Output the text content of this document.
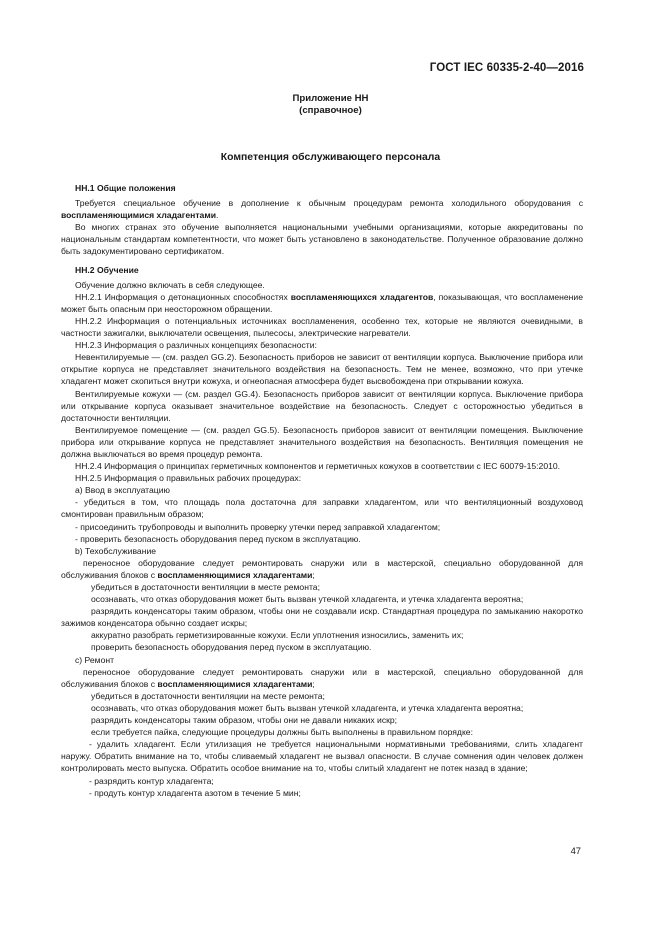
ГОСТ IEC 60335-2-40—2016
Приложение НН
(справочное)
Компетенция обслуживающего персонала

НН.1 Общие положения

Требуется специальное обучение в дополнение к обычным процедурам ремонта холодильного оборудования с воспламеняющимися хладагентами.

Во многих странах это обучение выполняется национальными учебными организациями, которые аккредитованы по национальным стандартам компетентности, что может быть установлено в законодательстве. Полученное образование должно быть задокументировано сертификатом.

НН.2 Обучение

Обучение должно включать в себя следующее.

НН.2.1 Информация о детонационных способностях воспламеняющихся хладагентов, показывающая, что воспламенение может быть опасным при неосторожном обращении.

НН.2.2 Информация о потенциальных источниках воспламенения, особенно тех, которые не являются очевидными, в частности зажигалки, выключатели освещения, пылесосы, электрические нагреватели.

НН.2.3 Информация о различных концепциях безопасности:

Невентилируемые — (см. раздел GG.2). Безопасность приборов не зависит от вентиляции корпуса. Выключение прибора или открытие корпуса не представляет значительного воздействия на безопасность. Тем не менее, возможно, что при утечке хладагент может скопиться внутри кожуха, и огнеопасная атмосфера будет высвобождена при открывании кожуха.

Вентилируемые кожухи — (см. раздел GG.4). Безопасность приборов зависит от вентиляции корпуса. Выключение прибора или открывание корпуса оказывает значительное воздействие на безопасность. Следует с осторожностью убедиться в достаточности вентиляции.

Вентилируемое помещение — (см. раздел GG.5). Безопасность приборов зависит от вентиляции помещения. Выключение прибора или открывание корпуса не представляет значительного воздействия на безопасность. Вентиляция помещения не должна выключаться во время процедур ремонта.

НН.2.4 Информация о принципах герметичных компонентов и герметичных кожухов в соответствии с IEC 60079-15:2010.

НН.2.5 Информация о правильных рабочих процедурах:

a) Ввод в эксплуатацию

- убедиться в том, что площадь пола достаточна для заправки хладагентом, или что вентиляционный воздуховод смонтирован правильным образом;

- присоединить трубопроводы и выполнить проверку утечки перед заправкой хладагентом;

- проверить безопасность оборудования перед пуском в эксплуатацию.

b) Техобслуживание

переносное оборудование следует ремонтировать снаружи или в мастерской, специально оборудованной для обслуживания блоков с воспламеняющимися хладагентами;

убедиться в достаточности вентиляции в месте ремонта;

осознавать, что отказ оборудования может быть вызван утечкой хладагента, и утечка хладагента вероятна;

разрядить конденсаторы таким образом, чтобы они не создавали искр. Стандартная процедура по замыканию накоротко зажимов конденсатора обычно создает искры;

аккуратно разобрать герметизированные кожухи. Если уплотнения износились, заменить их;

проверить безопасность оборудования перед пуском в эксплуатацию.

c) Ремонт

переносное оборудование следует ремонтировать снаружи или в мастерской, специально оборудованной для обслуживания блоков с воспламеняющимися хладагентами;

убедиться в достаточности вентиляции на месте ремонта;

осознавать, что отказ оборудования может быть вызван утечкой хладагента, и утечка хладагента вероятна;

разрядить конденсаторы таким образом, чтобы они не давали никаких искр;

если требуется пайка, следующие процедуры должны быть выполнены в правильном порядке:

- удалить хладагент. Если утилизация не требуется национальными нормативными требованиями, слить хладагент наружу. Обратить внимание на то, чтобы сливаемый хладагент не вызвал опасности. В случае сомнения один человек должен контролировать место выпуска. Обратить особое внимание на то, чтобы слитый хладагент не потек назад в здание;

- разрядить контур хладагента;

- продуть контур хладагента азотом в течение 5 мин;

47
